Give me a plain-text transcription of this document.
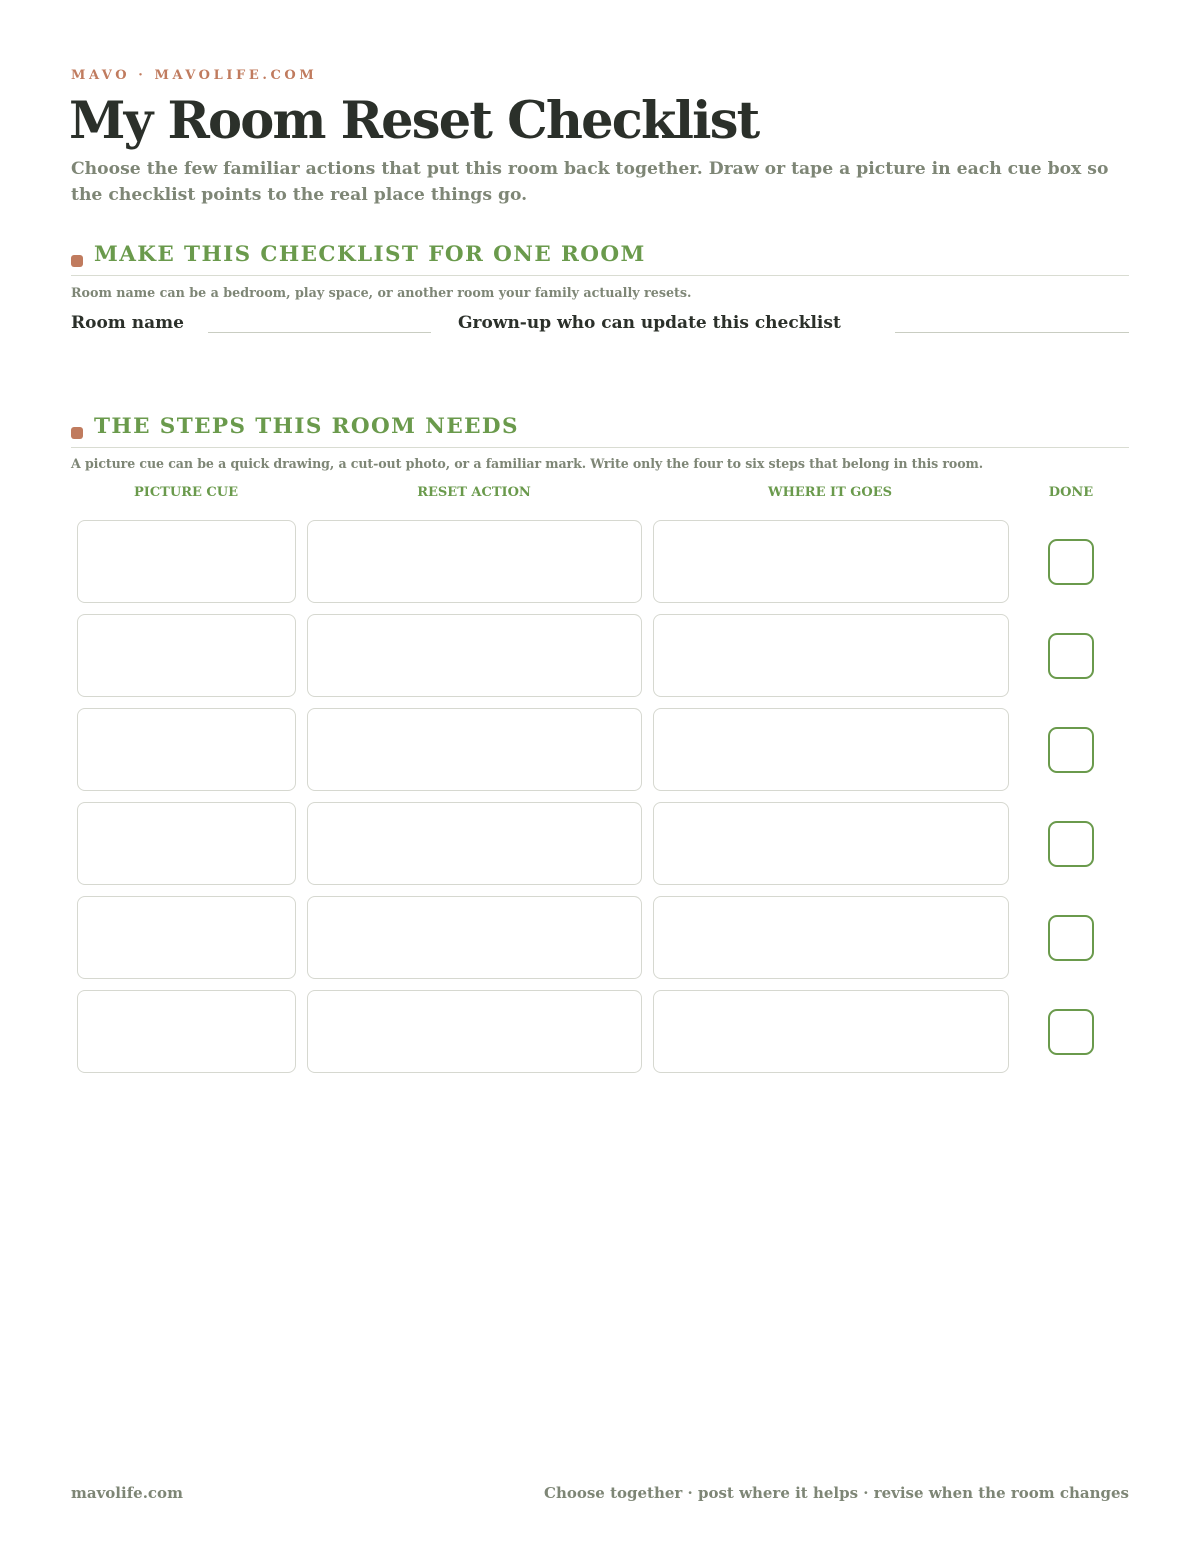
MAVO · MAVOLIFE.COM
My Room Reset Checklist

Choose the few familiar actions that put this room back together. Draw or tape a picture in each cue box so the checklist points to the real place things go.

MAKE THIS CHECKLIST FOR ONE ROOM
Room name can be a bedroom, play space, or another room your family actually resets.
Room name	Grown-up who can update this checklist
THE STEPS THIS ROOM NEEDS
A picture cue can be a quick drawing, a cut-out photo, or a familiar mark. Write only the four to six steps that belong in this room.
PICTURE CUE	RESET ACTION	WHERE IT GOES	DONE
mavolife.com	Choose together · post where it helps · revise when the room changes
